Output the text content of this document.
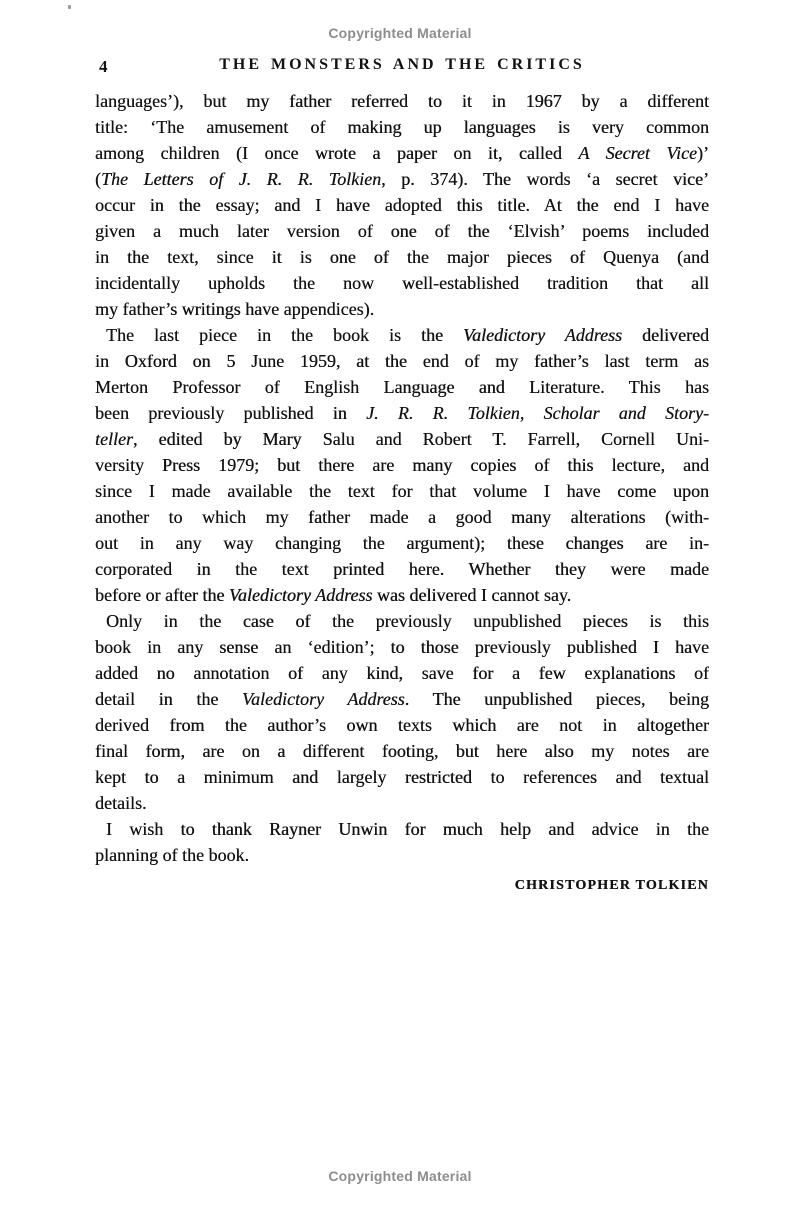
Copyrighted Material
4	THE MONSTERS AND THE CRITICS
languages’), but my father referred to it in 1967 by a different
title: ‘The amusement of making up languages is very common
among children (I once wrote a paper on it, called A Secret Vice)’
(The Letters of J. R. R. Tolkien, p. 374). The words ‘a secret vice’
occur in the essay; and I have adopted this title. At the end I have
given a much later version of one of the ‘Elvish’ poems included
in the text, since it is one of the major pieces of Quenya (and
incidentally upholds the now well-established tradition that all
my father’s writings have appendices).
The last piece in the book is the Valedictory Address delivered
in Oxford on 5 June 1959, at the end of my father’s last term as
Merton Professor of English Language and Literature. This has
been previously published in J. R. R. Tolkien, Scholar and Story-
teller, edited by Mary Salu and Robert T. Farrell, Cornell Uni-
versity Press 1979; but there are many copies of this lecture, and
since I made available the text for that volume I have come upon
another to which my father made a good many alterations (with-
out in any way changing the argument); these changes are in-
corporated in the text printed here. Whether they were made
before or after the Valedictory Address was delivered I cannot say.
Only in the case of the previously unpublished pieces is this
book in any sense an ‘edition’; to those previously published I have
added no annotation of any kind, save for a few explanations of
detail in the Valedictory Address. The unpublished pieces, being
derived from the author’s own texts which are not in altogether
final form, are on a different footing, but here also my notes are
kept to a minimum and largely restricted to references and textual
details.
I wish to thank Rayner Unwin for much help and advice in the
planning of the book.
CHRISTOPHER TOLKIEN
Copyrighted Material
